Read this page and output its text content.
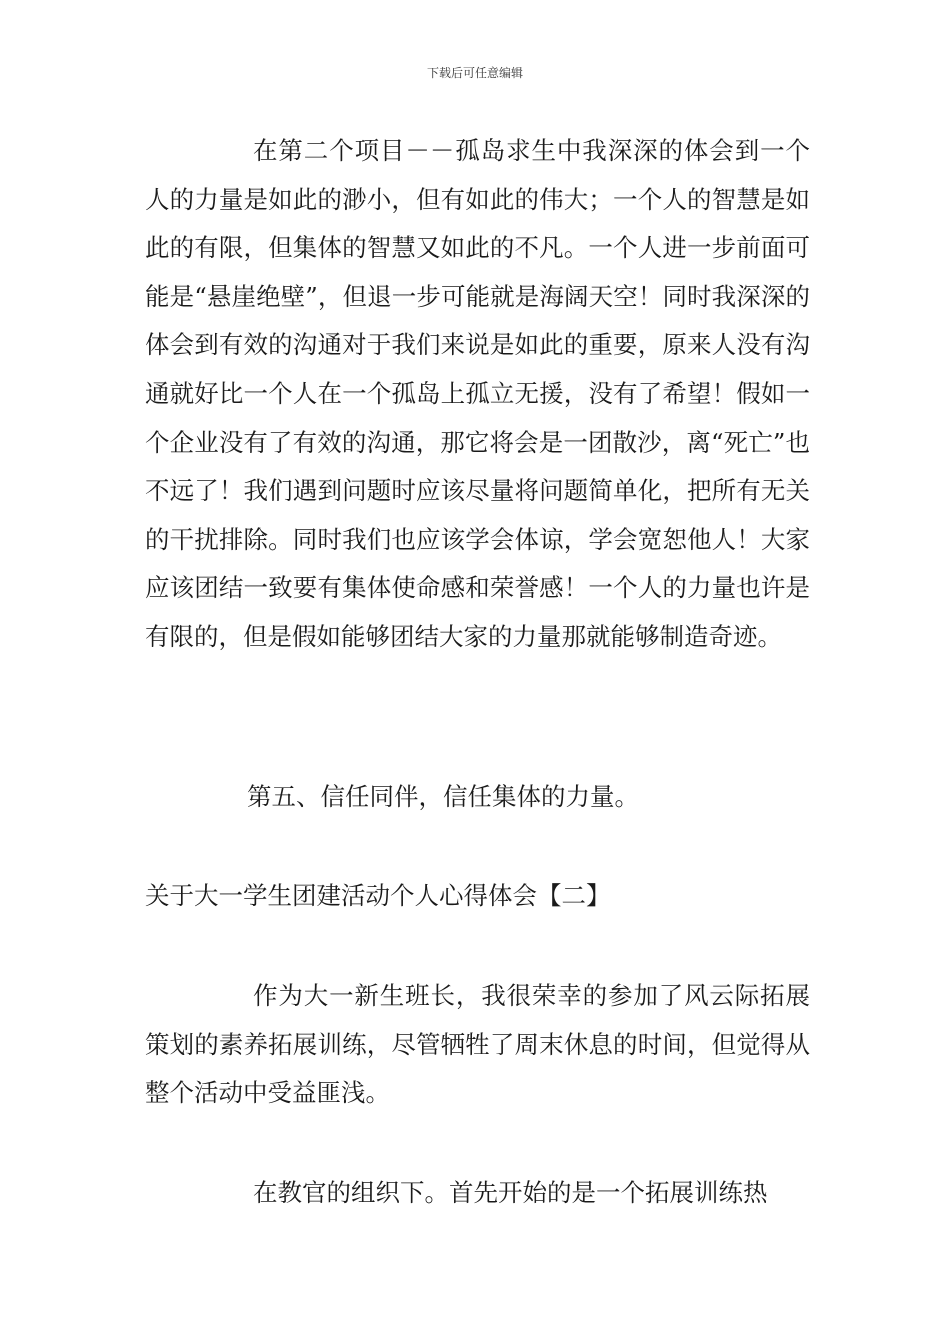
下载后可任意编辑

在第二个项目－－孤岛求生中我深深的体会到一个人的力量是如此的渺小，但有如此的伟大；一个人的智慧是如此的有限，但集体的智慧又如此的不凡。一个人进一步前面可能是“悬崖绝壁”，但退一步可能就是海阔天空！同时我深深的体会到有效的沟通对于我们来说是如此的重要，原来人没有沟通就好比一个人在一个孤岛上孤立无援，没有了希望！假如一个企业没有了有效的沟通，那它将会是一团散沙，离“死亡”也不远了！我们遇到问题时应该尽量将问题简单化，把所有无关的干扰排除。同时我们也应该学会体谅，学会宽恕他人！大家应该团结一致要有集体使命感和荣誉感！一个人的力量也许是有限的，但是假如能够团结大家的力量那就能够制造奇迹。

第五、信任同伴，信任集体的力量。

关于大一学生团建活动个人心得体会【二】

作为大一新生班长，我很荣幸的参加了风云际拓展策划的素养拓展训练，尽管牺牲了周末休息的时间，但觉得从整个活动中受益匪浅。

在教官的组织下。首先开始的是一个拓展训练热
